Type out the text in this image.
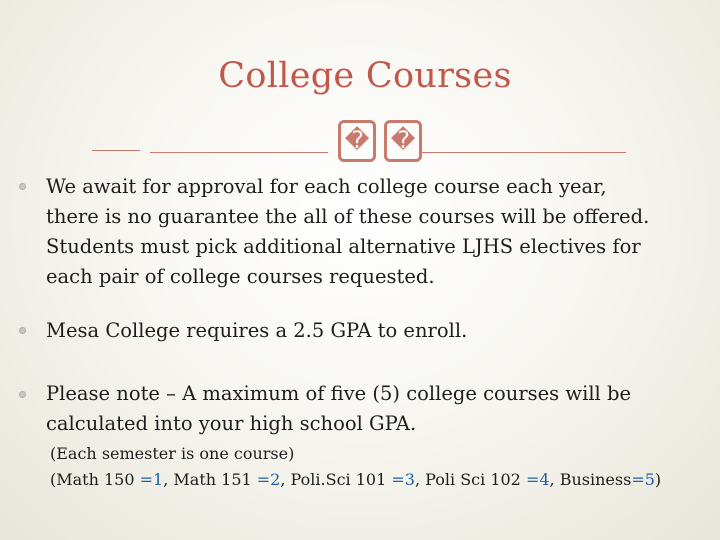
College Courses
� �
We await for approval for each college course each year,
there is no guarantee the all of these courses will be offered.
Students must pick additional alternative LJHS electives for
each pair of college courses requested.
Mesa College requires a 2.5 GPA to enroll.
Please note – A maximum of five (5) college courses will be
calculated into your high school GPA.
(Each semester is one course)
(Math 150 =1, Math 151 =2, Poli.Sci 101 =3, Poli Sci 102 =4, Business=5)
